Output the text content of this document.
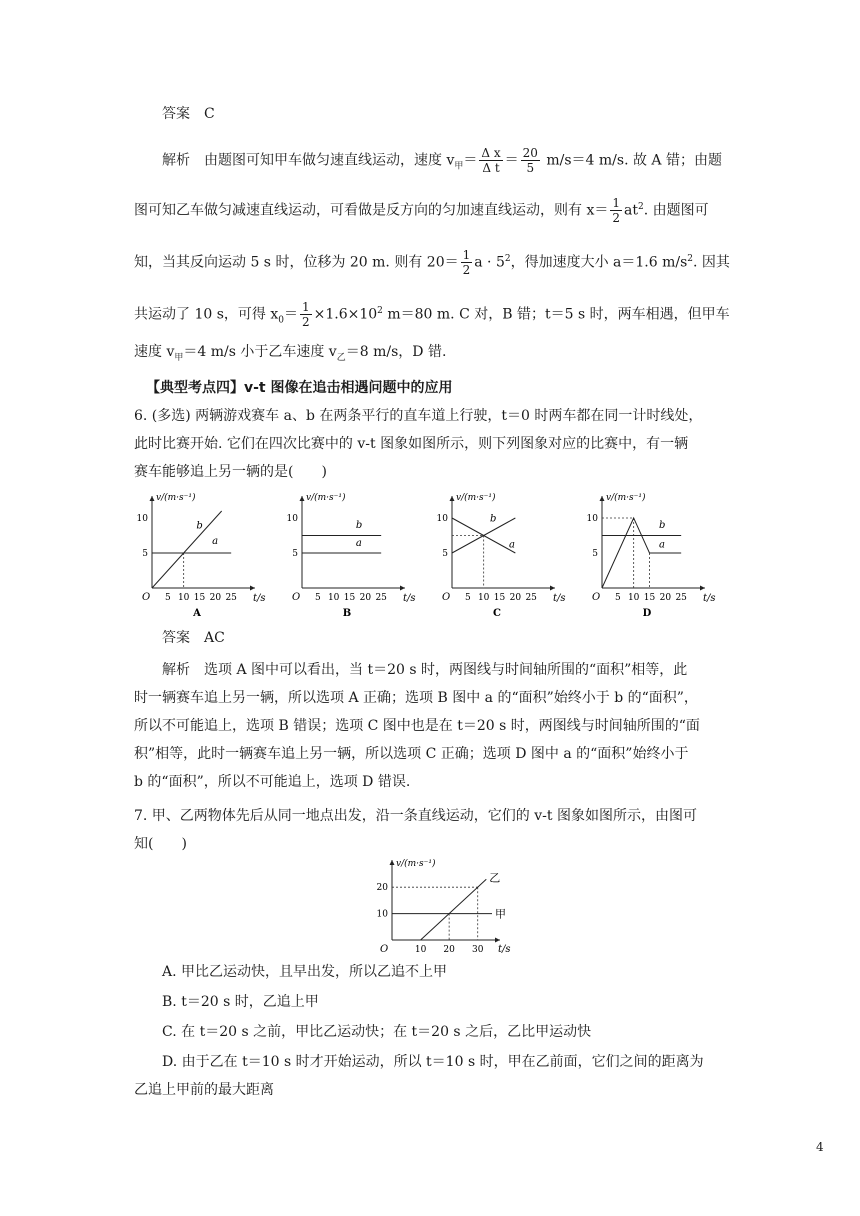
答案　C
解析　由题图可知甲车做匀速直线运动，速度 $v_甲= \frac{\text{Δ x}}{\text{Δ t}} = \frac{20}{5} m/s=4$ m/s. 故 A 错；由题
图可知乙车做匀减速直线运动，可看做是反方向的匀加速直线运动，则有 $x= \frac{1}{2} at^2$. 由题图可
知，当其反向运动 5 s 时，位移为 20 m. 则有 $20= \frac{1}{2}$ $a \cdot 5^2$，得加速度大小 a＝1.6 $m/s^2$. 因其
共运动了 10 s，可得 $x_0= \frac{1}{2} \times 1.6\times 10^2$ m＝80 m. C 对，B 错；t＝5 s 时，两车相遇，但甲车
速度 $v_甲=4$ m/s 小于乙车速度 $v_乙=8$ m/s，D 错.
【典型考点四】v-t 图像在追击相遇问题中的应用
6. (多选) 两辆游戏赛车 a、b 在两条平行的直车道上行驶，t＝0 时两车都在同一计时线处，
此时比赛开始. 它们在四次比赛中的 v-t 图象如图所示，则下列图象对应的比赛中，有一辆
赛车能够追上另一辆的是(　　)
v/(m·s⁻¹)
t/s
O 5 10 15 20 25
5
10
a
b
A
v/(m·s⁻¹)
t/s
O 5 10 15 20 25
5
10
a
b
B
v/(m·s⁻¹)
t/s
O 5 10 15 20 25
5
10
a
b
C
v/(m·s⁻¹)
t/s
O 5 10 15 20 25
5
10
a
b
D
答案　AC
解析　选项 A 图中可以看出，当 t＝20 s 时，两图线与时间轴所围的“面积”相等，此
时一辆赛车追上另一辆，所以选项 A 正确；选项 B 图中 a 的“面积”始终小于 b 的“面积”，
所以不可能追上，选项 B 错误；选项 C 图中也是在 t＝20 s 时，两图线与时间轴所围的“面
积”相等，此时一辆赛车追上另一辆，所以选项 C 正确；选项 D 图中 a 的“面积”始终小于
b 的“面积”，所以不可能追上，选项 D 错误.
7. 甲、乙两物体先后从同一地点出发，沿一条直线运动，它们的 v-t 图象如图所示，由图可
知(　　)
v/(m·s⁻¹)
t/s
O	10 20 30
10
20
甲
乙
A. 甲比乙运动快，且早出发，所以乙追不上甲
B. t＝20 s 时，乙追上甲
C. 在 t＝20 s 之前，甲比乙运动快；在 t＝20 s 之后，乙比甲运动快
D. 由于乙在 t＝10 s 时才开始运动，所以 t＝10 s 时，甲在乙前面，它们之间的距离为
乙追上甲前的最大距离
4
